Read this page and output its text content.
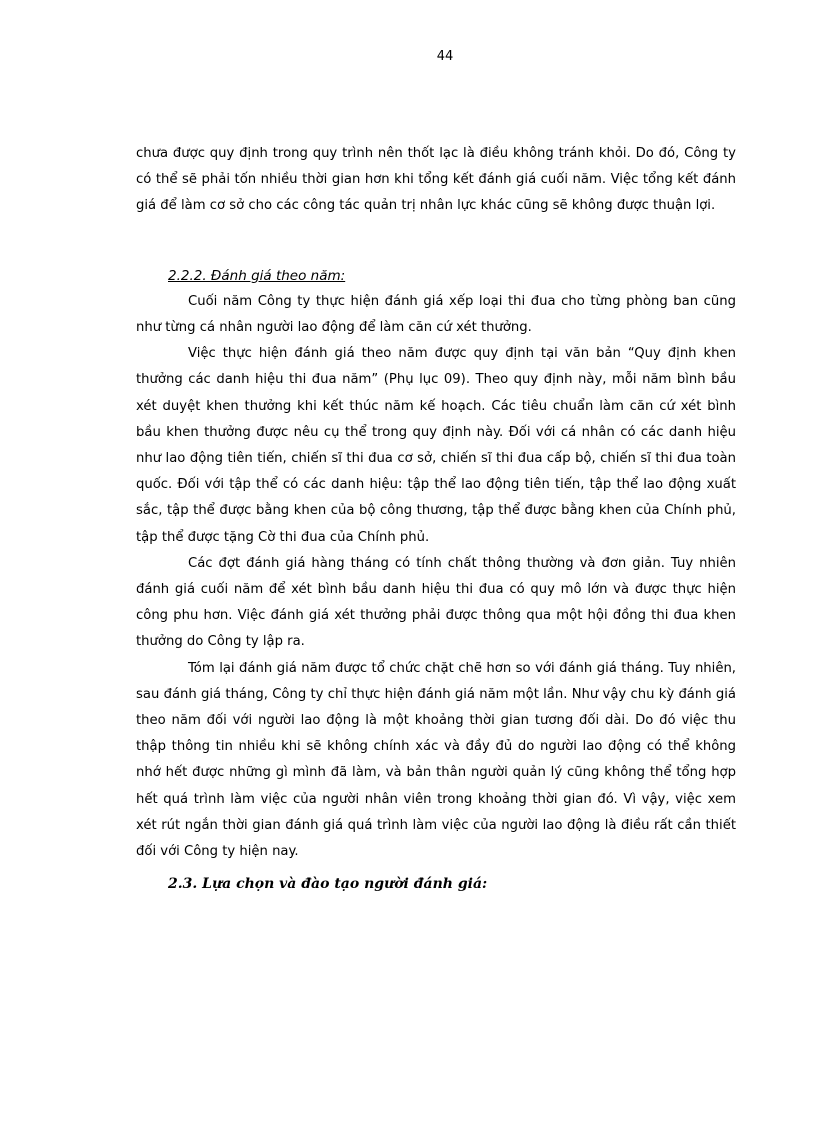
44

chưa được quy định trong quy trình nên thốt lạc là điều không tránh khỏi. Do đó, Công ty có thể sẽ phải tốn nhiều thời gian hơn khi tổng kết đánh giá cuối năm. Việc tổng kết đánh giá để làm cơ sở cho các công tác quản trị nhân lực khác cũng sẽ không được thuận lợi.

2.2.2. Đánh giá theo năm:

Cuối năm Công ty thực hiện đánh giá xếp loại thi đua cho từng phòng ban cũng như từng cá nhân người lao động để làm căn cứ xét thưởng.

Việc thực hiện đánh giá theo năm được quy định tại văn bản “Quy định khen thưởng các danh hiệu thi đua năm” (Phụ lục 09). Theo quy định này, mỗi năm bình bầu xét duyệt khen thưởng khi kết thúc năm kế hoạch. Các tiêu chuẩn làm căn cứ xét bình bầu khen thưởng được nêu cụ thể trong quy định này. Đối với cá nhân có các danh hiệu như lao động tiên tiến, chiến sĩ thi đua cơ sở, chiến sĩ thi đua cấp bộ, chiến sĩ thi đua toàn quốc. Đối với tập thể có các danh hiệu: tập thể lao động tiên tiến, tập thể lao động xuất sắc, tập thể được bằng khen của bộ công thương, tập thể được bằng khen của Chính phủ, tập thể được tặng Cờ thi đua của Chính phủ.

Các đợt đánh giá hàng tháng có tính chất thông thường và đơn giản. Tuy nhiên đánh giá cuối năm để xét bình bầu danh hiệu thi đua có quy mô lớn và được thực hiện công phu hơn. Việc đánh giá xét thưởng phải được thông qua một hội đồng thi đua khen thưởng do Công ty lập ra.

Tóm lại đánh giá năm được tổ chức chặt chẽ hơn so với đánh giá tháng. Tuy nhiên, sau đánh giá tháng, Công ty chỉ thực hiện đánh giá năm một lần. Như vậy chu kỳ đánh giá theo năm đối với người lao động là một khoảng thời gian tương đối dài. Do đó việc thu thập thông tin nhiều khi sẽ không chính xác và đầy đủ do người lao động có thể không nhớ hết được những gì mình đã làm, và bản thân người quản lý cũng không thể tổng hợp hết quá trình làm việc của người nhân viên trong khoảng thời gian đó. Vì vậy, việc xem xét rút ngắn thời gian đánh giá quá trình làm việc của người lao động là điều rất cần thiết đối với Công ty hiện nay.

2.3. Lựa chọn và đào tạo người đánh giá:
